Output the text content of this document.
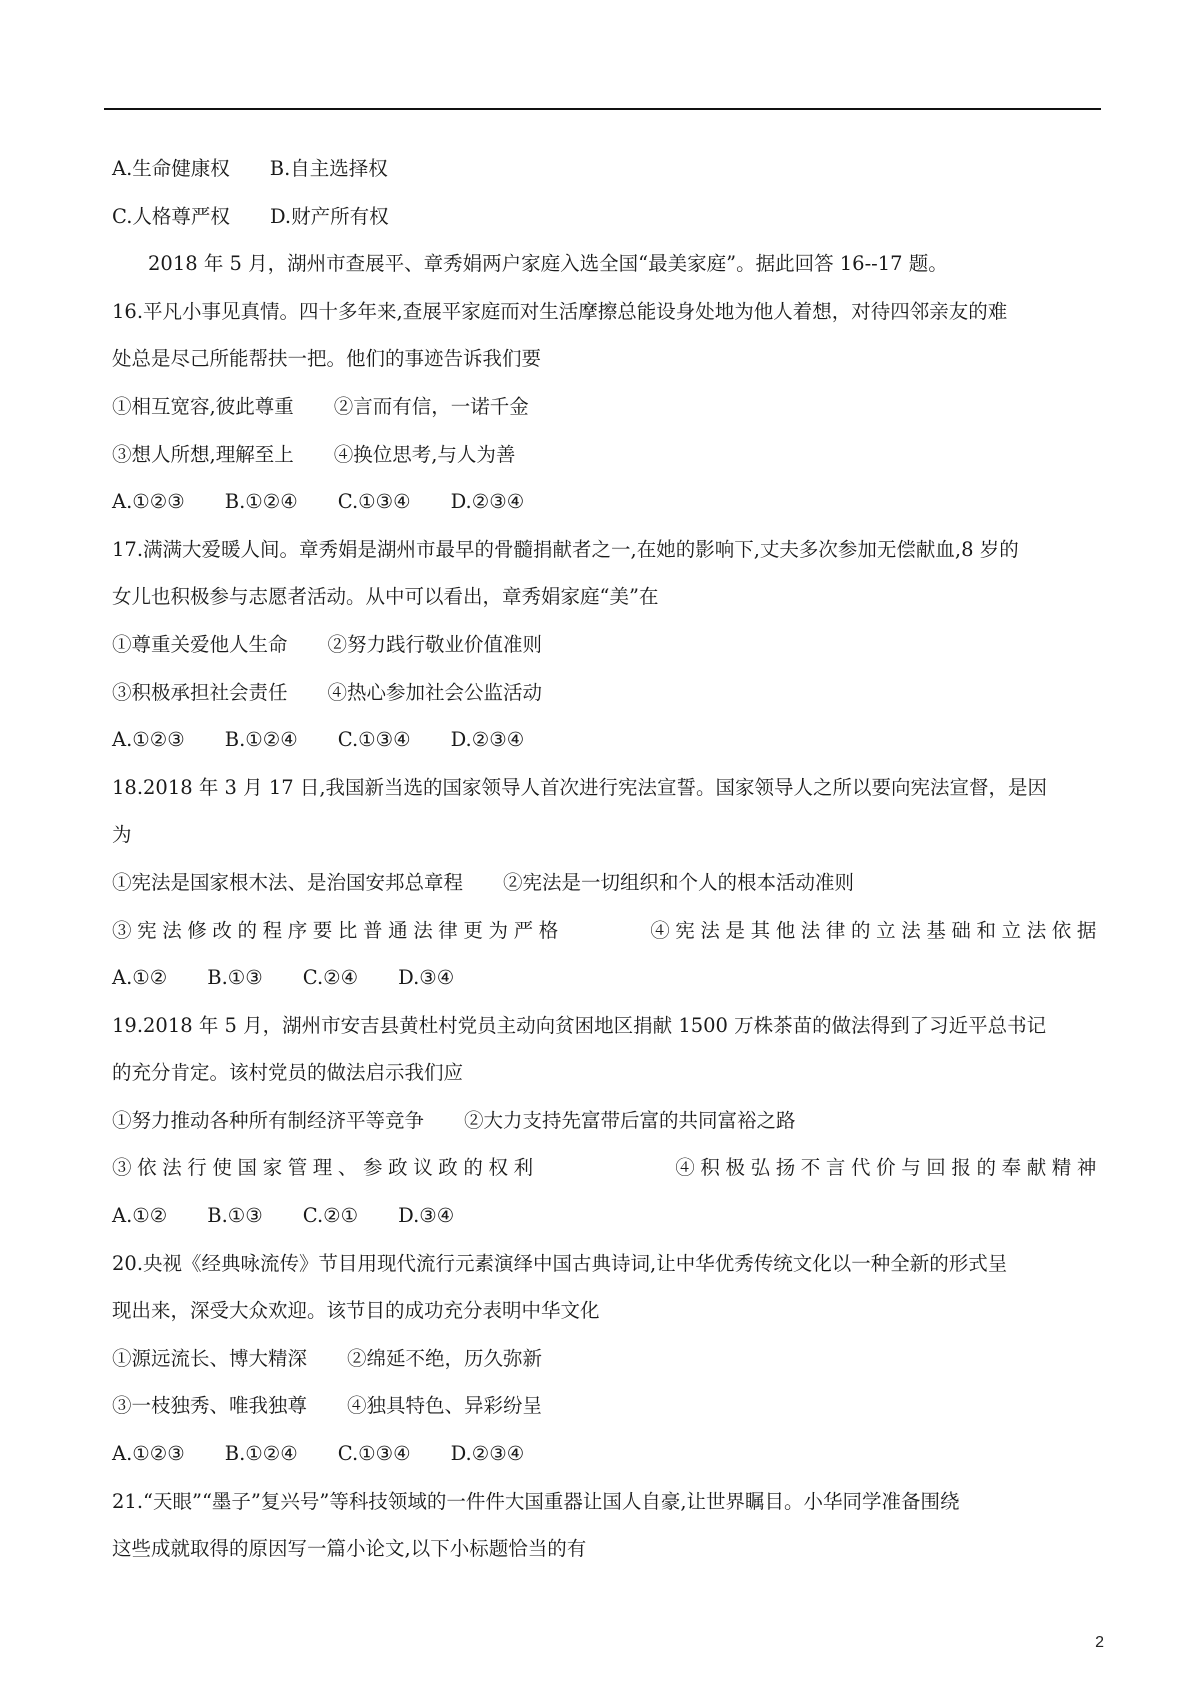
A.生命健康权 B.自主选择权
C.人格尊严权 D.财产所有权
2018 年 5 月，湖州市查展平、章秀娟两户家庭入选全国“最美家庭”。据此回答 16--17 题。
16.平凡小事见真情。四十多年来,查展平家庭而对生活摩擦总能设身处地为他人着想，对待四邻亲友的难
处总是尽己所能帮扶一把。他们的事迹告诉我们要
①相互宽容,彼此尊重 ②言而有信，一诺千金
③想人所想,理解至上 ④换位思考,与人为善
A.①②③ B.①②④ C.①③④ D.②③④
17.满满大爱暖人间。章秀娟是湖州市最早的骨髓捐献者之一,在她的影响下,丈夫多次参加无偿献血,8 岁的
女儿也积极参与志愿者活动。从中可以看出，章秀娟家庭“美”在
①尊重关爱他人生命 ②努力践行敬业价值准则
③积极承担社会责任 ④热心参加社会公监活动
A.①②③ B.①②④ C.①③④ D.②③④
18.2018 年 3 月 17 日,我国新当选的国家领导人首次进行宪法宣誓。国家领导人之所以要向宪法宣督，是因
为
①宪法是国家根木法、是治国安邦总章程 ②宪法是一切组织和个人的根本活动准则
③宪法修改的程序要比普通法律更为严格	④宪法是其他法律的立法基础和立法依据
A.①② B.①③ C.②④ D.③④
19.2018 年 5 月，湖州市安吉县黄杜村党员主动向贫困地区捐献 1500 万株茶苗的做法得到了习近平总书记
的充分肯定。该村党员的做法启示我们应
①努力推动各种所有制经济平等竞争 ②大力支持先富带后富的共同富裕之路
③依法行使国家管理、参政议政的权利	④积极弘扬不言代价与回报的奉献精神
A.①② B.①③ C.②① D.③④
20.央视《经典咏流传》节目用现代流行元素演绎中国古典诗词,让中华优秀传统文化以一种全新的形式呈
现出来，深受大众欢迎。该节目的成功充分表明中华文化
①源远流长、博大精深 ②绵延不绝，历久弥新
③一枝独秀、唯我独尊 ④独具特色、异彩纷呈
A.①②③ B.①②④ C.①③④ D.②③④
21.“天眼”“墨子”复兴号”等科技领域的一件件大国重器让国人自豪,让世界瞩目。小华同学准备围绕
这些成就取得的原因写一篇小论文,以下小标题恰当的有
2
